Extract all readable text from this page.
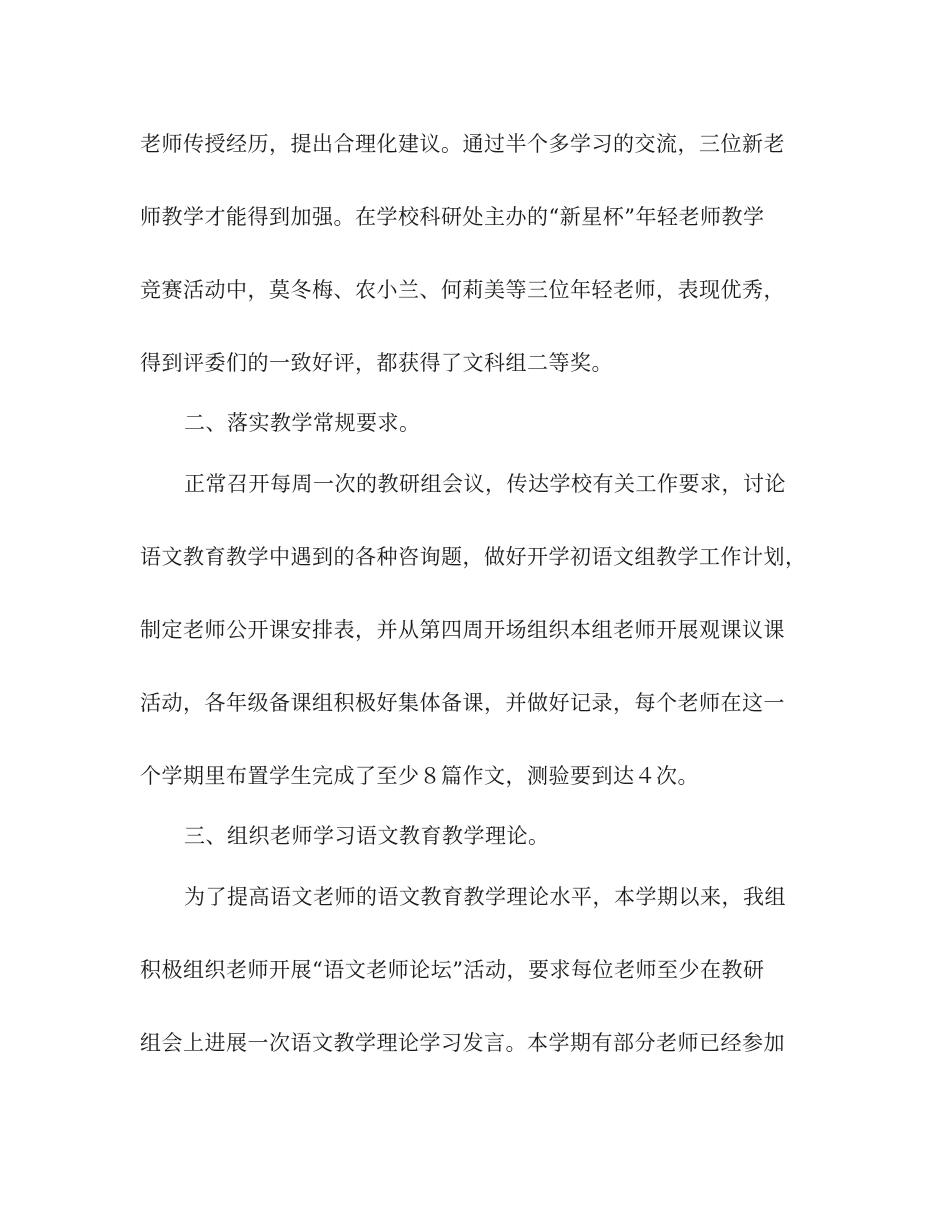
老师传授经历，提出合理化建议。通过半个多学习的交流，三位新老
师教学才能得到加强。在学校科研处主办的“新星杯”年轻老师教学
竞赛活动中，莫冬梅、农小兰、何莉美等三位年轻老师，表现优秀，
得到评委们的一致好评，都获得了文科组二等奖。
二、落实教学常规要求。
正常召开每周一次的教研组会议，传达学校有关工作要求，讨论
语文教育教学中遇到的各种咨询题，做好开学初语文组教学工作计划，
制定老师公开课安排表，并从第四周开场组织本组老师开展观课议课
活动，各年级备课组积极好集体备课，并做好记录，每个老师在这一
个学期里布置学生完成了至少８篇作文，测验要到达４次。
三、组织老师学习语文教育教学理论。
为了提高语文老师的语文教育教学理论水平，本学期以来，我组
积极组织老师开展“语文老师论坛”活动，要求每位老师至少在教研
组会上进展一次语文教学理论学习发言。本学期有部分老师已经参加
